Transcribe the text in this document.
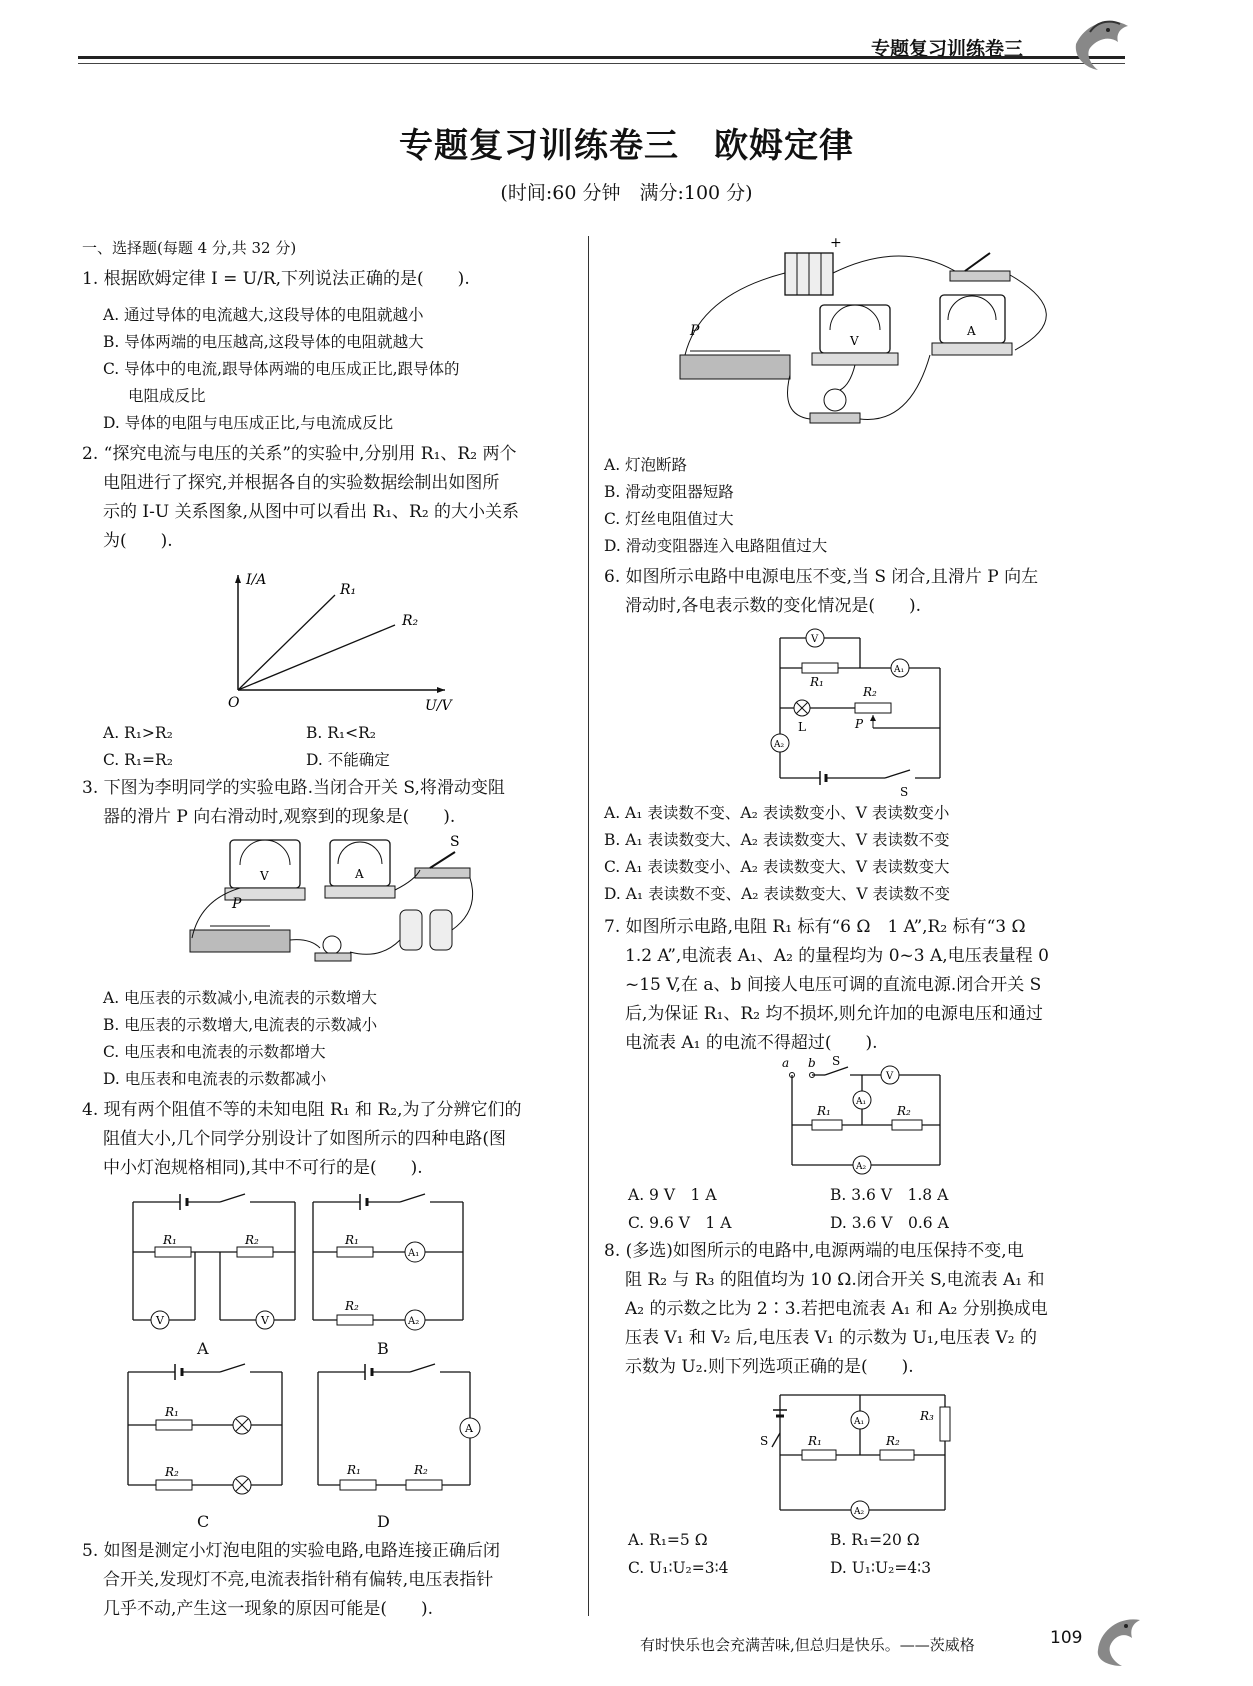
专题复习训练卷三
专题复习训练卷三　欧姆定律
(时间:60 分钟　满分:100 分)
一、选择题(每题 4 分,共 32 分)
1. 根据欧姆定律 I = U/R,下列说法正确的是(　　).
A. 通过导体的电流越大,这段导体的电阻就越小
B. 导体两端的电压越高,这段导体的电阻就越大
C. 导体中的电流,跟导体两端的电压成正比,跟导体的
电阻成反比
D. 导体的电阻与电压成正比,与电流成反比
2. “探究电流与电压的关系”的实验中,分别用 R₁、R₂ 两个
电阻进行了探究,并根据各自的实验数据绘制出如图所
示的 I-U 关系图象,从图中可以看出 R₁、R₂ 的大小关系
为(　　).
I/A
U/V
O
R₁
R₂
A. R₁>R₂	B. R₁<R₂
C. R₁=R₂	D. 不能确定
3. 下图为李明同学的实验电路.当闭合开关 S,将滑动变阻
器的滑片 P 向右滑动时,观察到的现象是(　　).
V	A
S
P
A. 电压表的示数减小,电流表的示数增大
B. 电压表的示数增大,电流表的示数减小
C. 电压表和电流表的示数都增大
D. 电压表和电流表的示数都减小
4. 现有两个阻值不等的未知电阻 R₁ 和 R₂,为了分辨它们的
阻值大小,几个同学分别设计了如图所示的四种电路(图
中小灯泡规格相同),其中不可行的是(　　).
R₁	R₂
V	V
A
R₁
R₂
A₁
A₂
B
R₁
R₂
C
A
R₁	R₂
D
5. 如图是测定小灯泡电阻的实验电路,电路连接正确后闭
合开关,发现灯不亮,电流表指针稍有偏转,电压表指针
几乎不动,产生这一现象的原因可能是(　　).
+
V
A
P
A. 灯泡断路
B. 滑动变阻器短路
C. 灯丝电阻值过大
D. 滑动变阻器连入电路阻值过大
6. 如图所示电路中电源电压不变,当 S 闭合,且滑片 P 向左
滑动时,各电表示数的变化情况是(　　).
V
R₁
A₁
L
R₂
P
A₂
S
A. A₁ 表读数不变、A₂ 表读数变小、V 表读数变小
B. A₁ 表读数变大、A₂ 表读数变大、V 表读数不变
C. A₁ 表读数变小、A₂ 表读数变大、V 表读数变大
D. A₁ 表读数不变、A₂ 表读数变大、V 表读数不变
7. 如图所示电路,电阻 R₁ 标有“6 Ω　1 A”,R₂ 标有“3 Ω
1.2 A”,电流表 A₁、A₂ 的量程均为 0~3 A,电压表量程 0
~15 V,在 a、b 间接人电压可调的直流电源.闭合开关 S
后,为保证 R₁、R₂ 均不损坏,则允许加的电源电压和通过
电流表 A₁ 的电流不得超过(　　).
a b S
V
A₁
R₁	R₂
A₂
A. 9 V　1 A	B. 3.6 V　1.8 A
C. 9.6 V　1 A	D. 3.6 V　0.6 A
8. (多选)如图所示的电路中,电源两端的电压保持不变,电
阻 R₂ 与 R₃ 的阻值均为 10 Ω.闭合开关 S,电流表 A₁ 和
A₂ 的示数之比为 2∶3.若把电流表 A₁ 和 A₂ 分别换成电
压表 V₁ 和 V₂ 后,电压表 V₁ 的示数为 U₁,电压表 V₂ 的
示数为 U₂.则下列选项正确的是(　　).
S	R₁	R₂
A₁	R₃
A₂
A. R₁=5 Ω	B. R₁=20 Ω
C. U₁∶U₂=3∶4	D. U₁∶U₂=4∶3
有时快乐也会充满苦味,但总归是快乐。——茨威格	109
